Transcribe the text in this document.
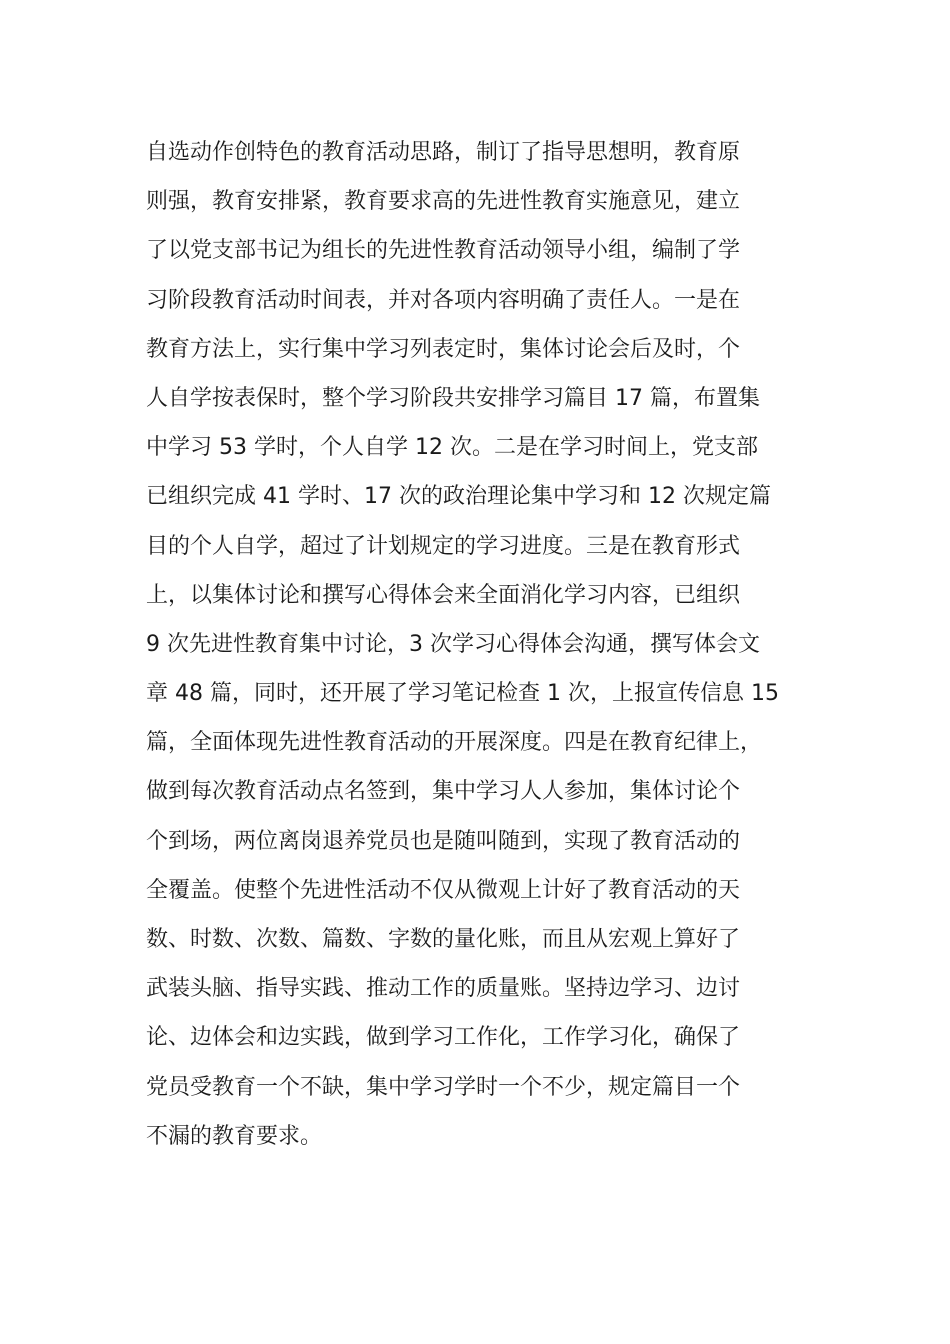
自选动作创特色的教育活动思路，制订了指导思想明，教育原
则强，教育安排紧，教育要求高的先进性教育实施意见，建立
了以党支部书记为组长的先进性教育活动领导小组，编制了学
习阶段教育活动时间表，并对各项内容明确了责任人。一是在
教育方法上，实行集中学习列表定时，集体讨论会后及时，个
人自学按表保时，整个学习阶段共安排学习篇目 17 篇，布置集
中学习 53 学时，个人自学 12 次。二是在学习时间上，党支部
已组织完成 41 学时、17 次的政治理论集中学习和 12 次规定篇
目的个人自学，超过了计划规定的学习进度。三是在教育形式
上，以集体讨论和撰写心得体会来全面消化学习内容，已组织
9 次先进性教育集中讨论，3 次学习心得体会沟通，撰写体会文
章 48 篇，同时，还开展了学习笔记检查 1 次，上报宣传信息 15
篇，全面体现先进性教育活动的开展深度。四是在教育纪律上，
做到每次教育活动点名签到，集中学习人人参加，集体讨论个
个到场，两位离岗退养党员也是随叫随到，实现了教育活动的
全覆盖。使整个先进性活动不仅从微观上计好了教育活动的天
数、时数、次数、篇数、字数的量化账，而且从宏观上算好了
武装头脑、指导实践、推动工作的质量账。坚持边学习、边讨
论、边体会和边实践，做到学习工作化，工作学习化，确保了
党员受教育一个不缺，集中学习学时一个不少，规定篇目一个
不漏的教育要求。
